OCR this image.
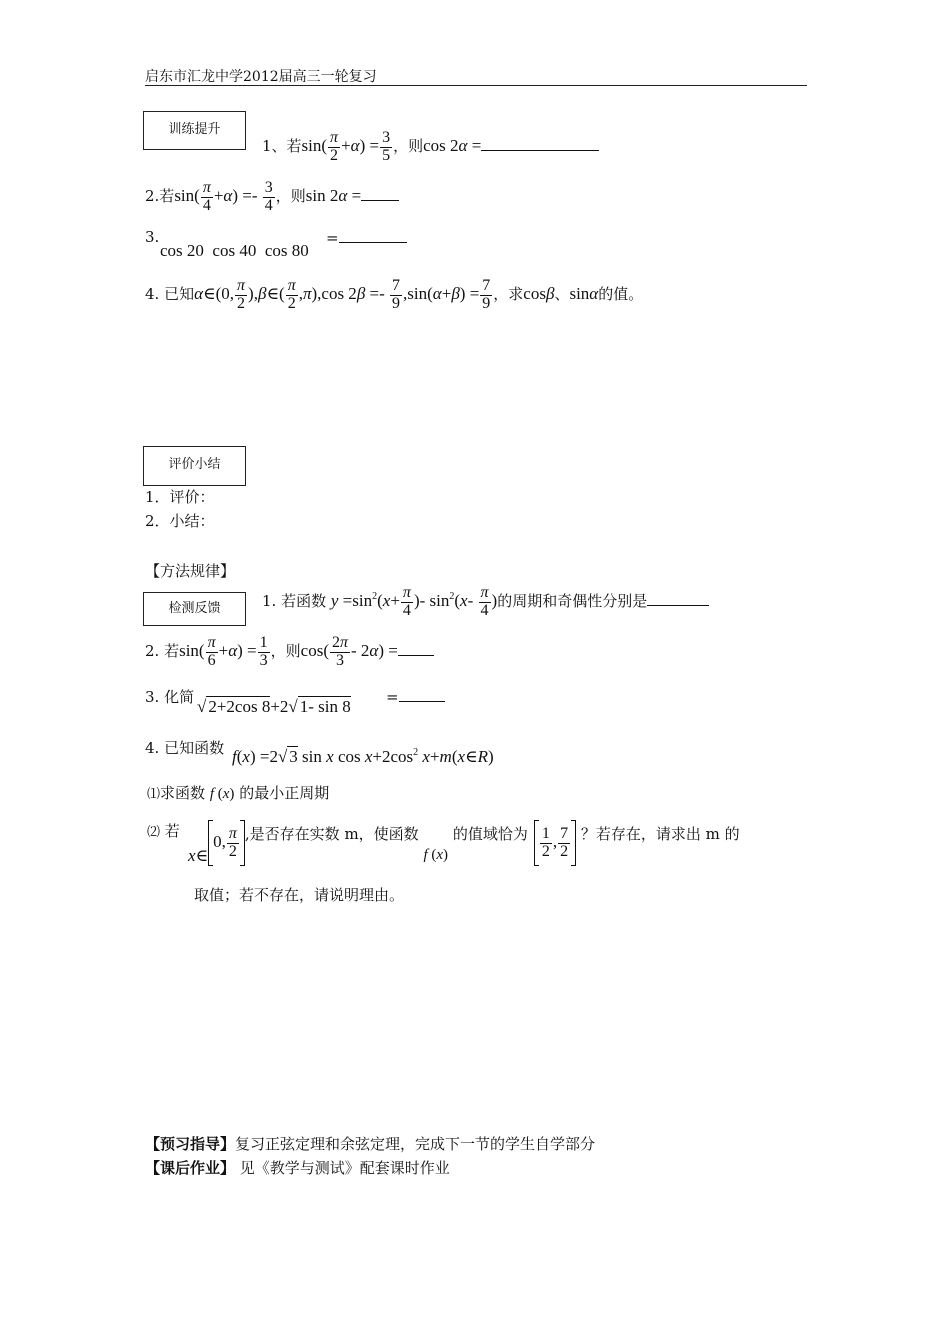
启东市汇龙中学2012届高三一轮复习
训练提升
1、若$\sin( \frac{\pi}{2} +\alpha) = \frac{3}{5}$ ，则cos 2α =
2.若$\sin( \frac{\pi}{4} +\alpha) =- \frac{3}{4}$ ，则sin 2α =
3.
cos 20  cos 40  cos 80
=
4. 已知α∈(0, $\frac{\pi}{2}$ ),β∈( $\frac{\pi}{2} ,\pi),\cos$ $2\beta =- \frac{7}{9} ,\sin(\alpha+\beta) = \frac{7}{9}$ ，求cosβ、sinα的值。
评价小结
1．评价：
2．小结：
【方法规律】
检测反馈	1. 若函数 $y =\sin^2(x+ \frac{\pi}{4}$ )- $\sin^2(x- \frac{\pi}{4}$ )的周期和奇偶性分别是
2. 若$\sin( \frac{\pi}{6} +\alpha) = \frac{1}{3}$ ，则$\cos( \frac{2\pi}{3} - 2\alpha)$ =
3. 化简 √ 2+2cos 8+2√ 1- sin 8 =
4. 已知函数 f(x) =2√ 3 sin x $\cos x+2\cos^2$ x+m(x∈R)
⑴求函数 f (x) 的最小正周期
⑵ 若
x∈0, $\frac{\pi}{2}$ ,是否存在实数 m，使函数 f (x) 的值域恰为 $\frac{1}{2}$ , $\frac{7}{2}$ ？若存在，请求出 m 的
取值；若不存在，请说明理由。
【预习指导】复习正弦定理和余弦定理，完成下一节的学生自学部分
【课后作业】 见《教学与测试》配套课时作业
